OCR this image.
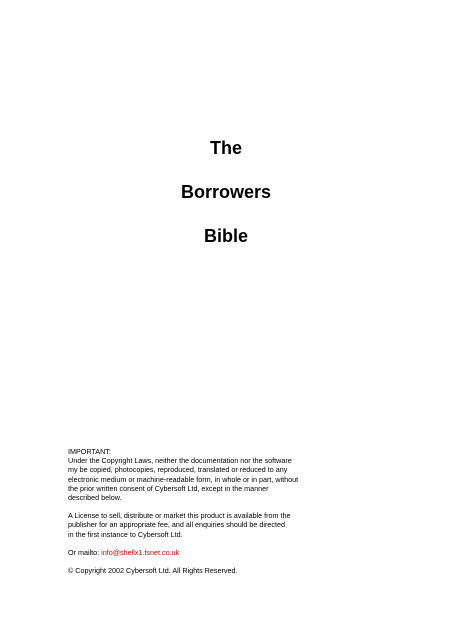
The
Borrowers
Bible

IMPORTANT:

Under the Copyright Laws, neither the documentation nor the software

my be copied, photocopies, reproduced, translated or reduced to any

electronic medium or machine-readable form, in whole or in part, without

the prior written consent of Cybersoft Ltd, except in the manner

described below.

A License to sell, distribute or market this product is available from the

publisher for an appropriate fee, and all enquiries should be directed

in the first instance to Cybersoft Ltd.

Or mailto: info@shellx1.fsnet.co.uk

© Copyright 2002 Cybersoft Ltd. All Rights Reserved.
